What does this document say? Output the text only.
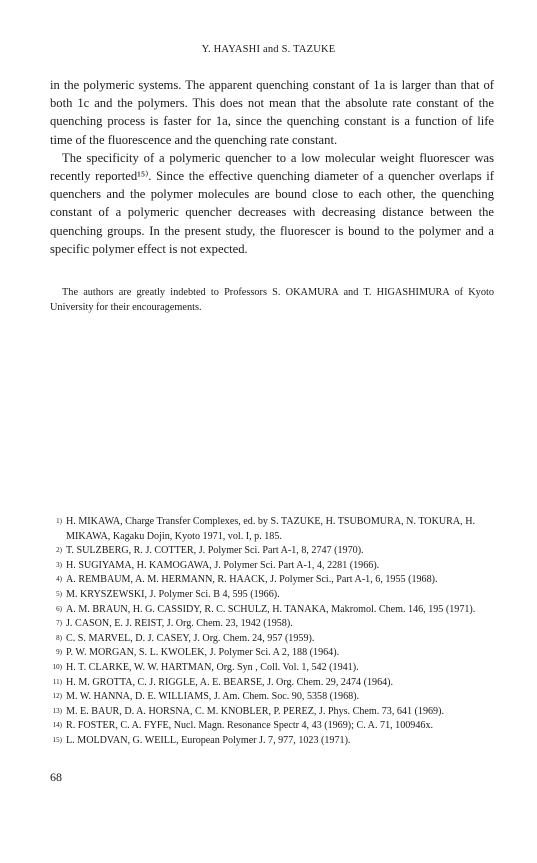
Y. HAYASHI and S. TAZUKE

in the polymeric systems. The apparent quenching constant of 1a is larger than that of both 1c and the polymers. This does not mean that the absolute rate constant of the quenching process is faster for 1a, since the quenching constant is a function of life time of the fluorescence and the quenching rate constant.

The specificity of a polymeric quencher to a low molecular weight fluorescer was recently reported¹⁵⁾. Since the effective quenching diameter of a quencher overlaps if quenchers and the polymer molecules are bound close to each other, the quenching constant of a polymeric quencher decreases with decreasing distance between the quenching groups. In the present study, the fluorescer is bound to the polymer and a specific polymer effect is not expected.

The authors are greatly indebted to Professors S. OKAMURA and T. HIGASHIMURA of Kyoto University for their encouragements.

1) H. MIKAWA, Charge Transfer Complexes, ed. by S. TAZUKE, H. TSUBOMURA, N. TOKURA, H. MIKAWA, Kagaku Dojin, Kyoto 1971, vol. I, p. 185.
2) T. SULZBERG, R. J. COTTER, J. Polymer Sci. Part A-1, 8, 2747 (1970).
3) H. SUGIYAMA, H. KAMOGAWA, J. Polymer Sci. Part A-1, 4, 2281 (1966).
4) A. REMBAUM, A. M. HERMANN, R. HAACK, J. Polymer Sci., Part A-1, 6, 1955 (1968).
5) M. KRYSZEWSKI, J. Polymer Sci. B 4, 595 (1966).
6) A. M. BRAUN, H. G. CASSIDY, R. C. SCHULZ, H. TANAKA, Makromol. Chem. 146, 195 (1971).
7) J. CASON, E. J. REIST, J. Org. Chem. 23, 1942 (1958).
8) C. S. MARVEL, D. J. CASEY, J. Org. Chem. 24, 957 (1959).
9) P. W. MORGAN, S. L. KWOLEK, J. Polymer Sci. A 2, 188 (1964).
10) H. T. CLARKE, W. W. HARTMAN, Org. Syn , Coll. Vol. 1, 542 (1941).
11) H. M. GROTTA, C. J. RIGGLE, A. E. BEARSE, J. Org. Chem. 29, 2474 (1964).
12) M. W. HANNA, D. E. WILLIAMS, J. Am. Chem. Soc. 90, 5358 (1968).
13) M. E. BAUR, D. A. HORSNA, C. M. KNOBLER, P. PEREZ, J. Phys. Chem. 73, 641 (1969).
14) R. FOSTER, C. A. FYFE, Nucl. Magn. Resonance Spectr 4, 43 (1969); C. A. 71, 100946x.
15) L. MOLDVAN, G. WEILL, European Polymer J. 7, 977, 1023 (1971).
68
